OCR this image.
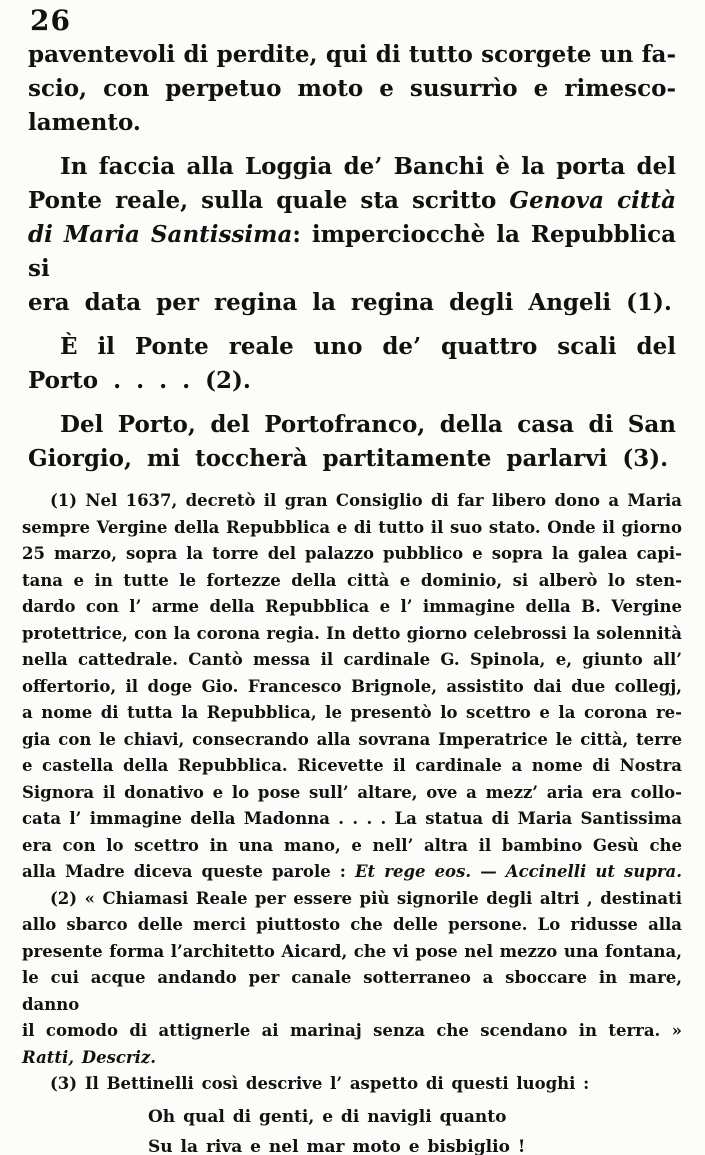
26
paventevoli di perdite, qui di tutto scorgete un fa-
scio, con perpetuo moto e susurrìo e rimesco-
lamento.
In faccia alla Loggia de’ Banchi è la porta del
Ponte reale, sulla quale sta scritto Genova città
di Maria Santissima: imperciocchè la Repubblica si
era data per regina la regina degli Angeli (1).
È il Ponte reale uno de’ quattro scali del
Porto . . . . (2).
Del Porto, del Portofranco, della casa di San
Giorgio, mi toccherà partitamente parlarvi (3).
(1) Nel 1637, decretò il gran Consiglio di far libero dono a Maria
sempre Vergine della Repubblica e di tutto il suo stato. Onde il giorno
25 marzo, sopra la torre del palazzo pubblico e sopra la galea capi-
tana e in tutte le fortezze della città e dominio, si alberò lo sten-
dardo con l’ arme della Repubblica e l’ immagine della B. Vergine
protettrice, con la corona regia. In detto giorno celebrossi la solennità
nella cattedrale. Cantò messa il cardinale G. Spinola, e, giunto all’
offertorio, il doge Gio. Francesco Brignole, assistito dai due collegj,
a nome di tutta la Repubblica, le presentò lo scettro e la corona re-
gia con le chiavi, consecrando alla sovrana Imperatrice le città, terre
e castella della Repubblica. Ricevette il cardinale a nome di Nostra
Signora il donativo e lo pose sull’ altare, ove a mezz’ aria era collo-
cata l’ immagine della Madonna . . . . La statua di Maria Santissima
era con lo scettro in una mano, e nell’ altra il bambino Gesù che
alla Madre diceva queste parole : Et rege eos. — Accinelli ut supra.
(2) « Chiamasi Reale per essere più signorile degli altri , destinati
allo sbarco delle merci piuttosto che delle persone. Lo ridusse alla
presente forma l’architetto Aicard, che vi pose nel mezzo una fontana,
le cui acque andando per canale sotterraneo a sboccare in mare, danno
il comodo di attignerle ai marinaj senza che scendano in terra. »
Ratti, Descriz.
(3) Il Bettinelli così descrive l’ aspetto di questi luoghi :
Oh qual di genti, e di navigli quanto
Su la riva e nel mar moto e bisbiglio !
